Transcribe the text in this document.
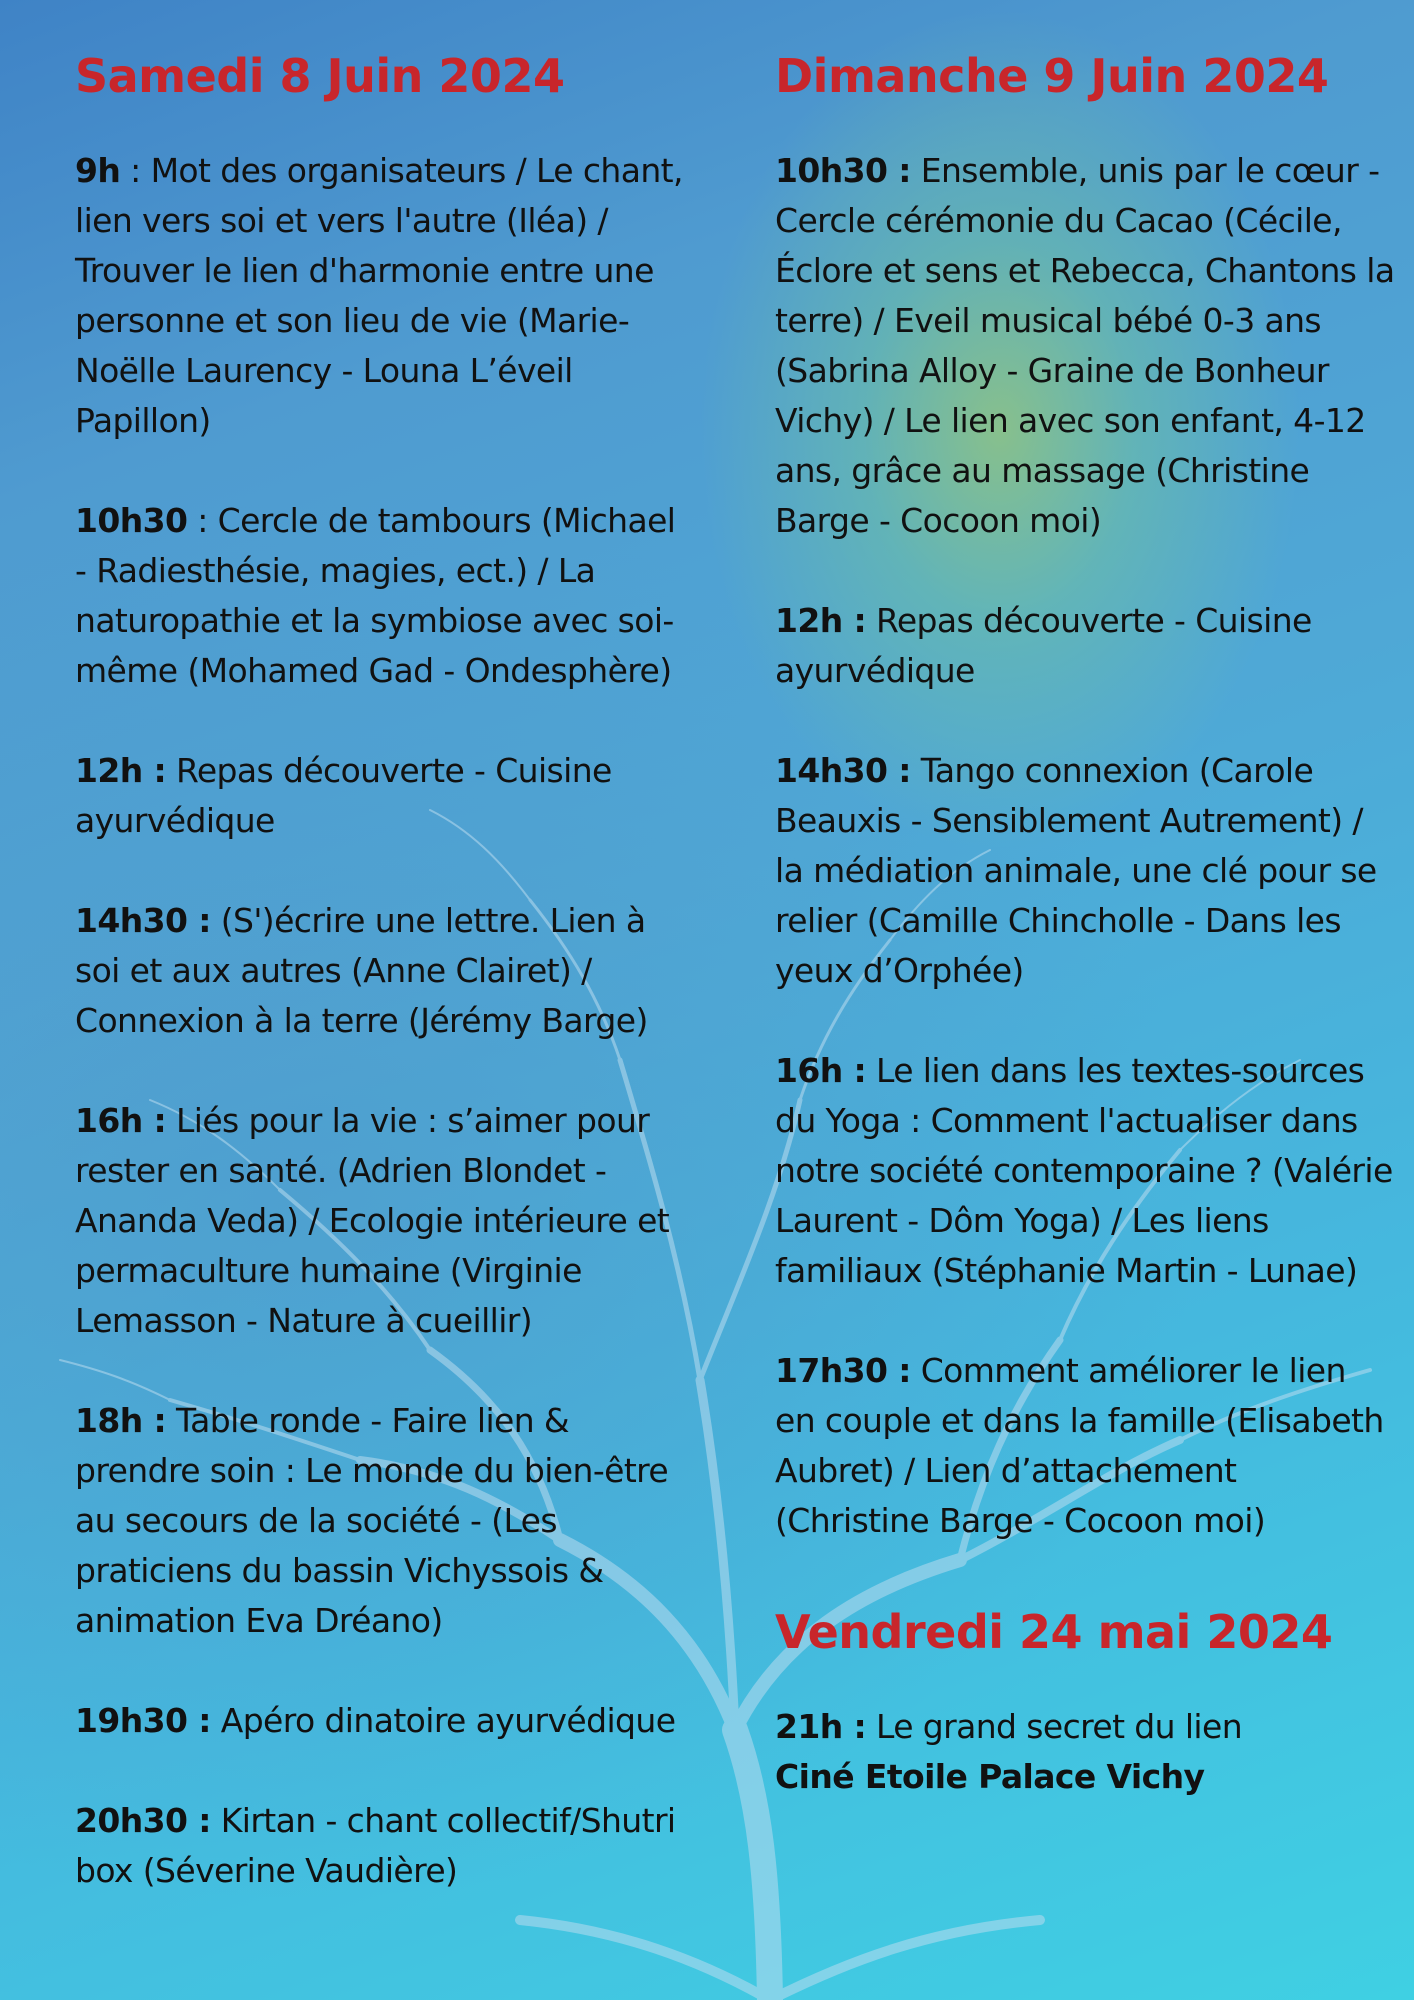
Samedi 8 Juin 2024

9h : Mot des organisateurs / Le chant, lien vers soi et vers l'autre (Iléa) / Trouver le lien d'harmonie entre une personne et son lieu de vie (Marie-Noëlle Laurency - Louna L’éveil Papillon)

10h30 : Cercle de tambours (Michael - Radiesthésie, magies, ect.) / La naturopathie et la symbiose avec soi-même (Mohamed Gad - Ondesphère)

12h : Repas découverte - Cuisine ayurvédique

14h30 : (S')écrire une lettre. Lien à soi et aux autres (Anne Clairet) / Connexion à la terre (Jérémy Barge)

16h : Liés pour la vie : s’aimer pour rester en santé. (Adrien Blondet - Ananda Veda) / Ecologie intérieure et permaculture humaine (Virginie Lemasson - Nature à cueillir)

18h : Table ronde - Faire lien & prendre soin : Le monde du bien-être au secours de la société - (Les praticiens du bassin Vichyssois & animation Eva Dréano)

19h30 : Apéro dinatoire ayurvédique

20h30 : Kirtan - chant collectif/Shutri box (Séverine Vaudière)

Dimanche 9 Juin 2024

10h30 : Ensemble, unis par le cœur - Cercle cérémonie du Cacao (Cécile, Éclore et sens et Rebecca, Chantons la terre) / Eveil musical bébé 0-3 ans (Sabrina Alloy - Graine de Bonheur Vichy) / Le lien avec son enfant, 4-12 ans, grâce au massage (Christine Barge - Cocoon moi)

12h : Repas découverte - Cuisine ayurvédique

14h30 : Tango connexion (Carole Beauxis - Sensiblement Autrement) / la médiation animale, une clé pour se relier (Camille Chincholle - Dans les yeux d’Orphée)

16h : Le lien dans les textes-sources du Yoga : Comment l'actualiser dans notre société contemporaine ? (Valérie Laurent - Dôm Yoga) / Les liens familiaux (Stéphanie Martin - Lunae)

17h30 : Comment améliorer le lien en couple et dans la famille (Elisabeth Aubret) / Lien d’attachement (Christine Barge - Cocoon moi)

Vendredi 24 mai 2024

21h : Le grand secret du lien
Ciné Etoile Palace Vichy
